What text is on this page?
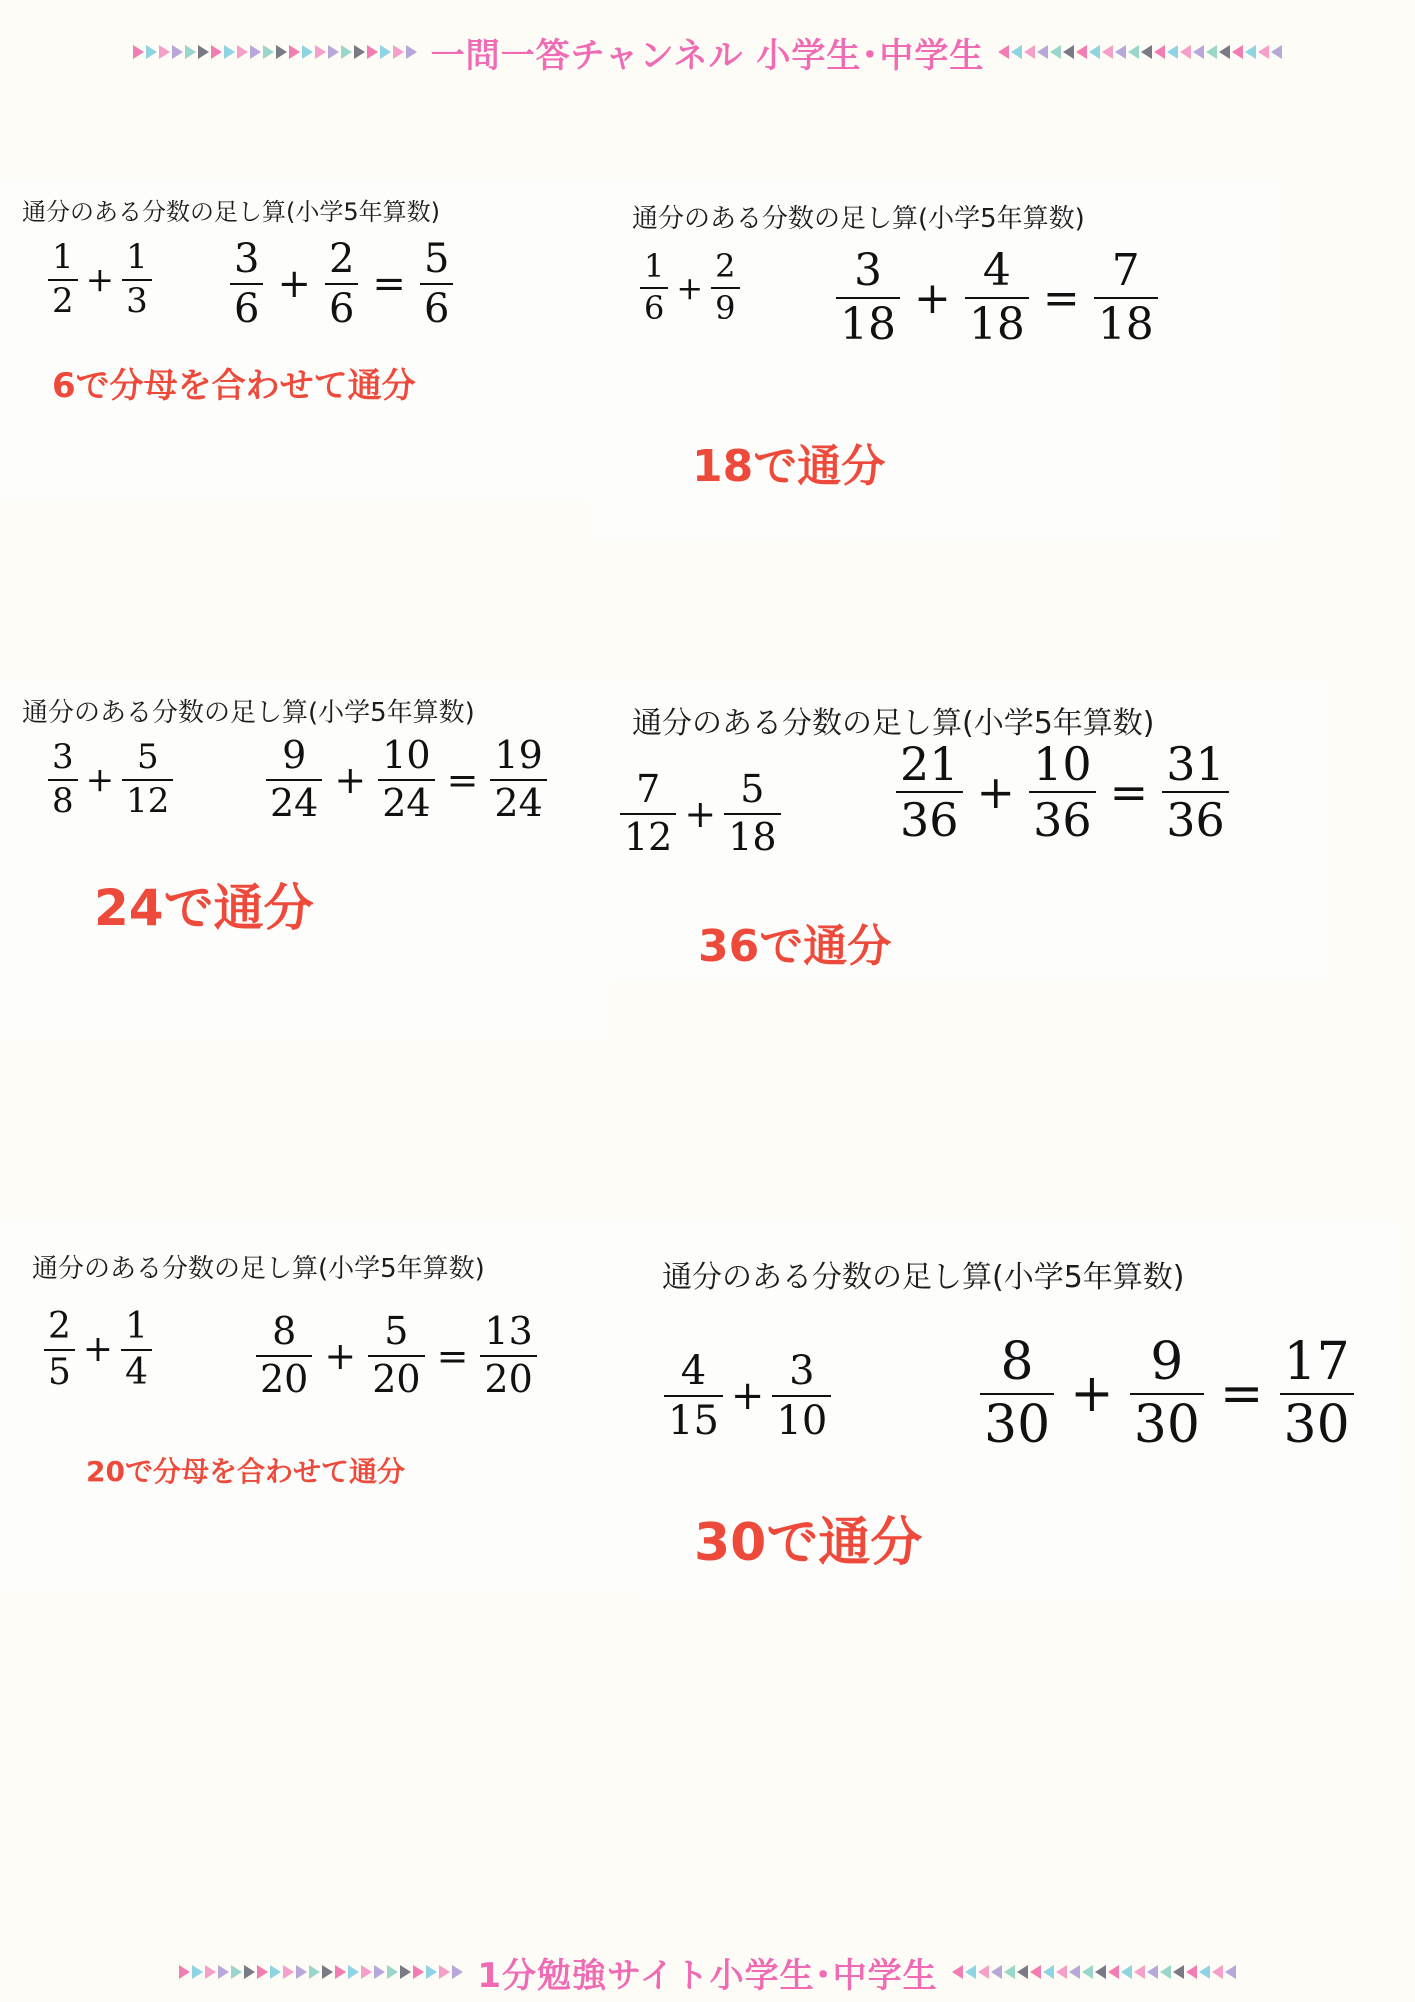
一問一答チャンネル 小学生･中学生
1分勉強サイト小学生･中学生
通分のある分数の足し算(小学5年算数)
$\frac{1}{2} + \frac{1}{3} \frac{3}{6} + \frac{2}{6} = \frac{5}{6}$
6で分母を合わせて通分
通分のある分数の足し算(小学5年算数)
$\frac{1}{6} + \frac{2}{9} \frac{3}{18} + \frac{4}{18} = \frac{7}{18}$
18で通分
通分のある分数の足し算(小学5年算数)
$\frac{3}{8} + \frac{5}{12} \frac{9}{24} + \frac{10}{24} = \frac{19}{24}$
24で通分
通分のある分数の足し算(小学5年算数)
$\frac{7}{12} + \frac{5}{18}$	$\frac{21}{36} + \frac{10}{36} = \frac{31}{36}$
36で通分
通分のある分数の足し算(小学5年算数)
$\frac{2}{5} + \frac{1}{4}$	$\frac{8}{20} + \frac{5}{20} = \frac{13}{20}$
20で分母を合わせて通分
通分のある分数の足し算(小学5年算数)
$\frac{4}{15} + \frac{3}{10}$	$\frac{8}{30} + \frac{9}{30} = \frac{17}{30}$
30で通分
